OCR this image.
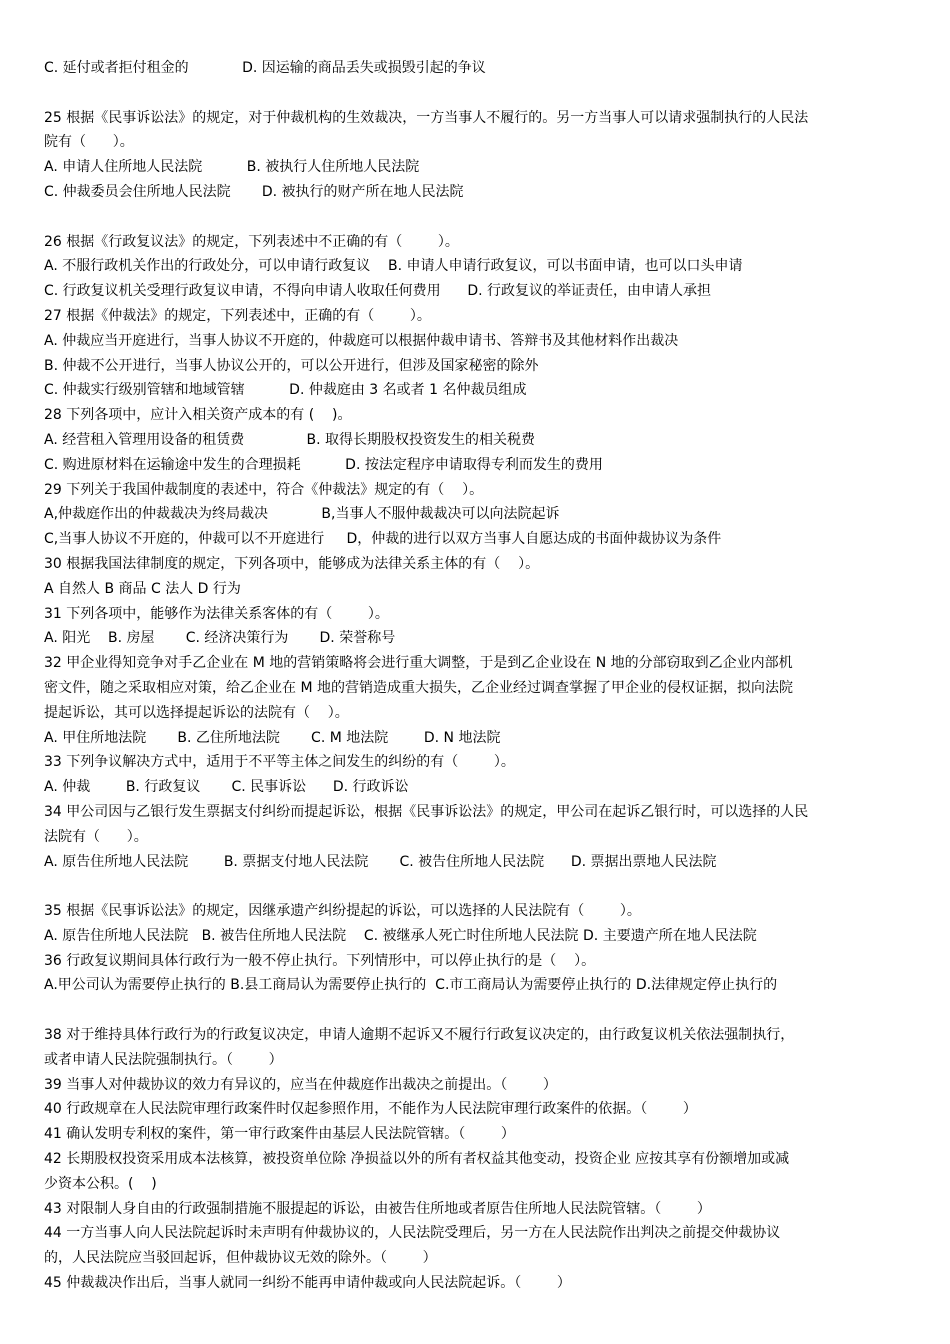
C. 延付或者拒付租金的            D. 因运输的商品丢失或损毁引起的争议
25 根据《民事诉讼法》的规定，对于仲裁机构的生效裁决，一方当事人不履行的。另一方当事人可以请求强制执行的人民法
院有（      ）。
A. 申请人住所地人民法院          B. 被执行人住所地人民法院
C. 仲裁委员会住所地人民法院       D. 被执行的财产所在地人民法院
26 根据《行政复议法》的规定，下列表述中不正确的有（        ）。
A. 不服行政机关作出的行政处分，可以申请行政复议    B. 申请人申请行政复议，可以书面申请，也可以口头申请
C. 行政复议机关受理行政复议申请，不得向申请人收取任何费用      D. 行政复议的举证责任，由申请人承担
27 根据《仲裁法》的规定，下列表述中，正确的有（        ）。
A. 仲裁应当开庭进行，当事人协议不开庭的，仲裁庭可以根据仲裁申请书、答辩书及其他材料作出裁决
B. 仲裁不公开进行，当事人协议公开的，可以公开进行，但涉及国家秘密的除外
C. 仲裁实行级别管辖和地域管辖          D. 仲裁庭由 3 名或者 1 名仲裁员组成
28 下列各项中，应计入相关资产成本的有 (    )。
A. 经营租入管理用设备的租赁费              B. 取得长期股权投资发生的相关税费
C. 购进原材料在运输途中发生的合理损耗          D. 按法定程序申请取得专利而发生的费用
29 下列关于我国仲裁制度的表述中，符合《仲裁法》规定的有（    ）。
A,仲裁庭作出的仲裁裁决为终局裁决            B,当事人不服仲裁裁决可以向法院起诉
C,当事人协议不开庭的，仲裁可以不开庭进行     D，仲裁的进行以双方当事人自愿达成的书面仲裁协议为条件
30 根据我国法律制度的规定，下列各项中，能够成为法律关系主体的有（    ）。
A 自然人 B 商品 C 法人 D 行为
31 下列各项中，能够作为法律关系客体的有（        ）。
A. 阳光    B. 房屋       C. 经济决策行为       D. 荣誉称号
32 甲企业得知竞争对手乙企业在 M 地的营销策略将会进行重大调整，于是到乙企业设在 N 地的分部窃取到乙企业内部机
密文件，随之采取相应对策，给乙企业在 M 地的营销造成重大损失，乙企业经过调查掌握了甲企业的侵权证据，拟向法院
提起诉讼，其可以选择提起诉讼的法院有（    ）。
A. 甲住所地法院       B. 乙住所地法院       C. M 地法院        D. N 地法院
33 下列争议解决方式中，适用于不平等主体之间发生的纠纷的有（        ）。
A. 仲裁        B. 行政复议       C. 民事诉讼      D. 行政诉讼
34 甲公司因与乙银行发生票据支付纠纷而提起诉讼，根据《民事诉讼法》的规定，甲公司在起诉乙银行时，可以选择的人民
法院有（      ）。
A. 原告住所地人民法院        B. 票据支付地人民法院       C. 被告住所地人民法院      D. 票据出票地人民法院
35 根据《民事诉讼法》的规定，因继承遗产纠纷提起的诉讼，可以选择的人民法院有（        ）。
A. 原告住所地人民法院   B. 被告住所地人民法院    C. 被继承人死亡时住所地人民法院 D. 主要遗产所在地人民法院
36 行政复议期间具体行政行为一般不停止执行。下列情形中，可以停止执行的是（    ）。
A.甲公司认为需要停止执行的 B.县工商局认为需要停止执行的  C.市工商局认为需要停止执行的 D.法律规定停止执行的
38 对于维持具体行政行为的行政复议决定，申请人逾期不起诉又不履行行政复议决定的，由行政复议机关依法强制执行，
或者申请人民法院强制执行。（        ）
39 当事人对仲裁协议的效力有异议的，应当在仲裁庭作出裁决之前提出。（        ）
40 行政规章在人民法院审理行政案件时仅起参照作用，不能作为人民法院审理行政案件的依据。（        ）
41 确认发明专利权的案件，第一审行政案件由基层人民法院管辖。（        ）
42 长期股权投资采用成本法核算，被投资单位除 净损益以外的所有者权益其他变动，投资企业 应按其享有份额增加或减
少资本公积。(    )
43 对限制人身自由的行政强制措施不服提起的诉讼，由被告住所地或者原告住所地人民法院管辖。（        ）
44 一方当事人向人民法院起诉时未声明有仲裁协议的，人民法院受理后，另一方在人民法院作出判决之前提交仲裁协议
的，人民法院应当驳回起诉，但仲裁协议无效的除外。（        ）
45 仲裁裁决作出后，当事人就同一纠纷不能再申请仲裁或向人民法院起诉。（        ）
